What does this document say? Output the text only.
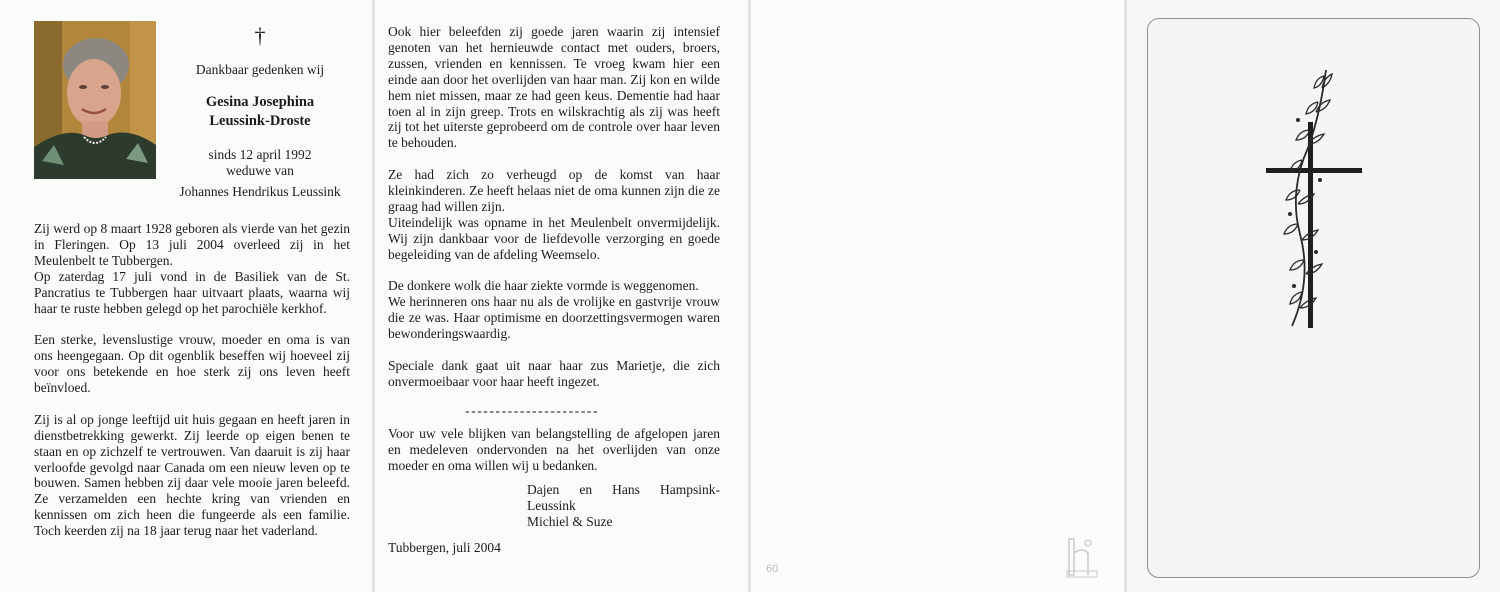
†
Dankbaar gedenken wij
Gesina Josephina
Leussink-Droste
sinds 12 april 1992
weduwe van
Johannes Hendrikus Leussink

Zij werd op 8 maart 1928 geboren als vierde van het gezin in Fleringen. Op 13 juli 2004 overleed zij in het Meulenbelt te Tubbergen.

Op zaterdag 17 juli vond in de Basiliek van de St. Pancratius te Tubbergen haar uitvaart plaats, waarna wij haar te ruste hebben gelegd op het parochiële kerkhof.

Een sterke, levenslustige vrouw, moeder en oma is van ons heengegaan. Op dit ogenblik beseffen wij hoeveel zij voor ons betekende en hoe sterk zij ons leven heeft beïnvloed.

Zij is al op jonge leeftijd uit huis gegaan en heeft jaren in dienstbetrekking gewerkt. Zij leerde op eigen benen te staan en op zichzelf te vertrouwen. Van daaruit is zij haar verloofde gevolgd naar Canada om een nieuw leven op te bouwen. Samen hebben zij daar vele mooie jaren beleefd. Ze verzamelden een hechte kring van vrienden en kennissen om zich heen die fungeerde als een familie. Toch keerden zij na 18 jaar terug naar het vaderland.

Ook hier beleefden zij goede jaren waarin zij intensief genoten van het hernieuwde contact met ouders, broers, zussen, vrienden en kennissen. Te vroeg kwam hier een einde aan door het overlijden van haar man. Zij kon en wilde hem niet missen, maar ze had geen keus. Dementie had haar toen al in zijn greep. Trots en wilskrachtig als zij was heeft zij tot het uiterste geprobeerd om de controle over haar leven te behouden.

Ze had zich zo verheugd op de komst van haar kleinkinderen. Ze heeft helaas niet de oma kunnen zijn die ze graag had willen zijn.

Uiteindelijk was opname in het Meulenbelt onvermijdelijk. Wij zijn dankbaar voor de liefdevolle verzorging en goede begeleiding van de afdeling Weemselo.

De donkere wolk die haar ziekte vormde is weggenomen.

We herinneren ons haar nu als de vrolijke en gastvrije vrouw die ze was. Haar optimisme en doorzettingsvermogen waren bewonderingswaardig.

Speciale dank gaat uit naar haar zus Marietje, die zich onvermoeibaar voor haar heeft ingezet.

----------------------
Voor uw vele blijken van belangstelling de afgelopen jaren en medeleven ondervonden na het overlijden van onze moeder en oma willen wij u bedanken.
Dajen en Hans Hampsink-
Leussink
Michiel & Suze
Tubbergen, juli 2004
60
